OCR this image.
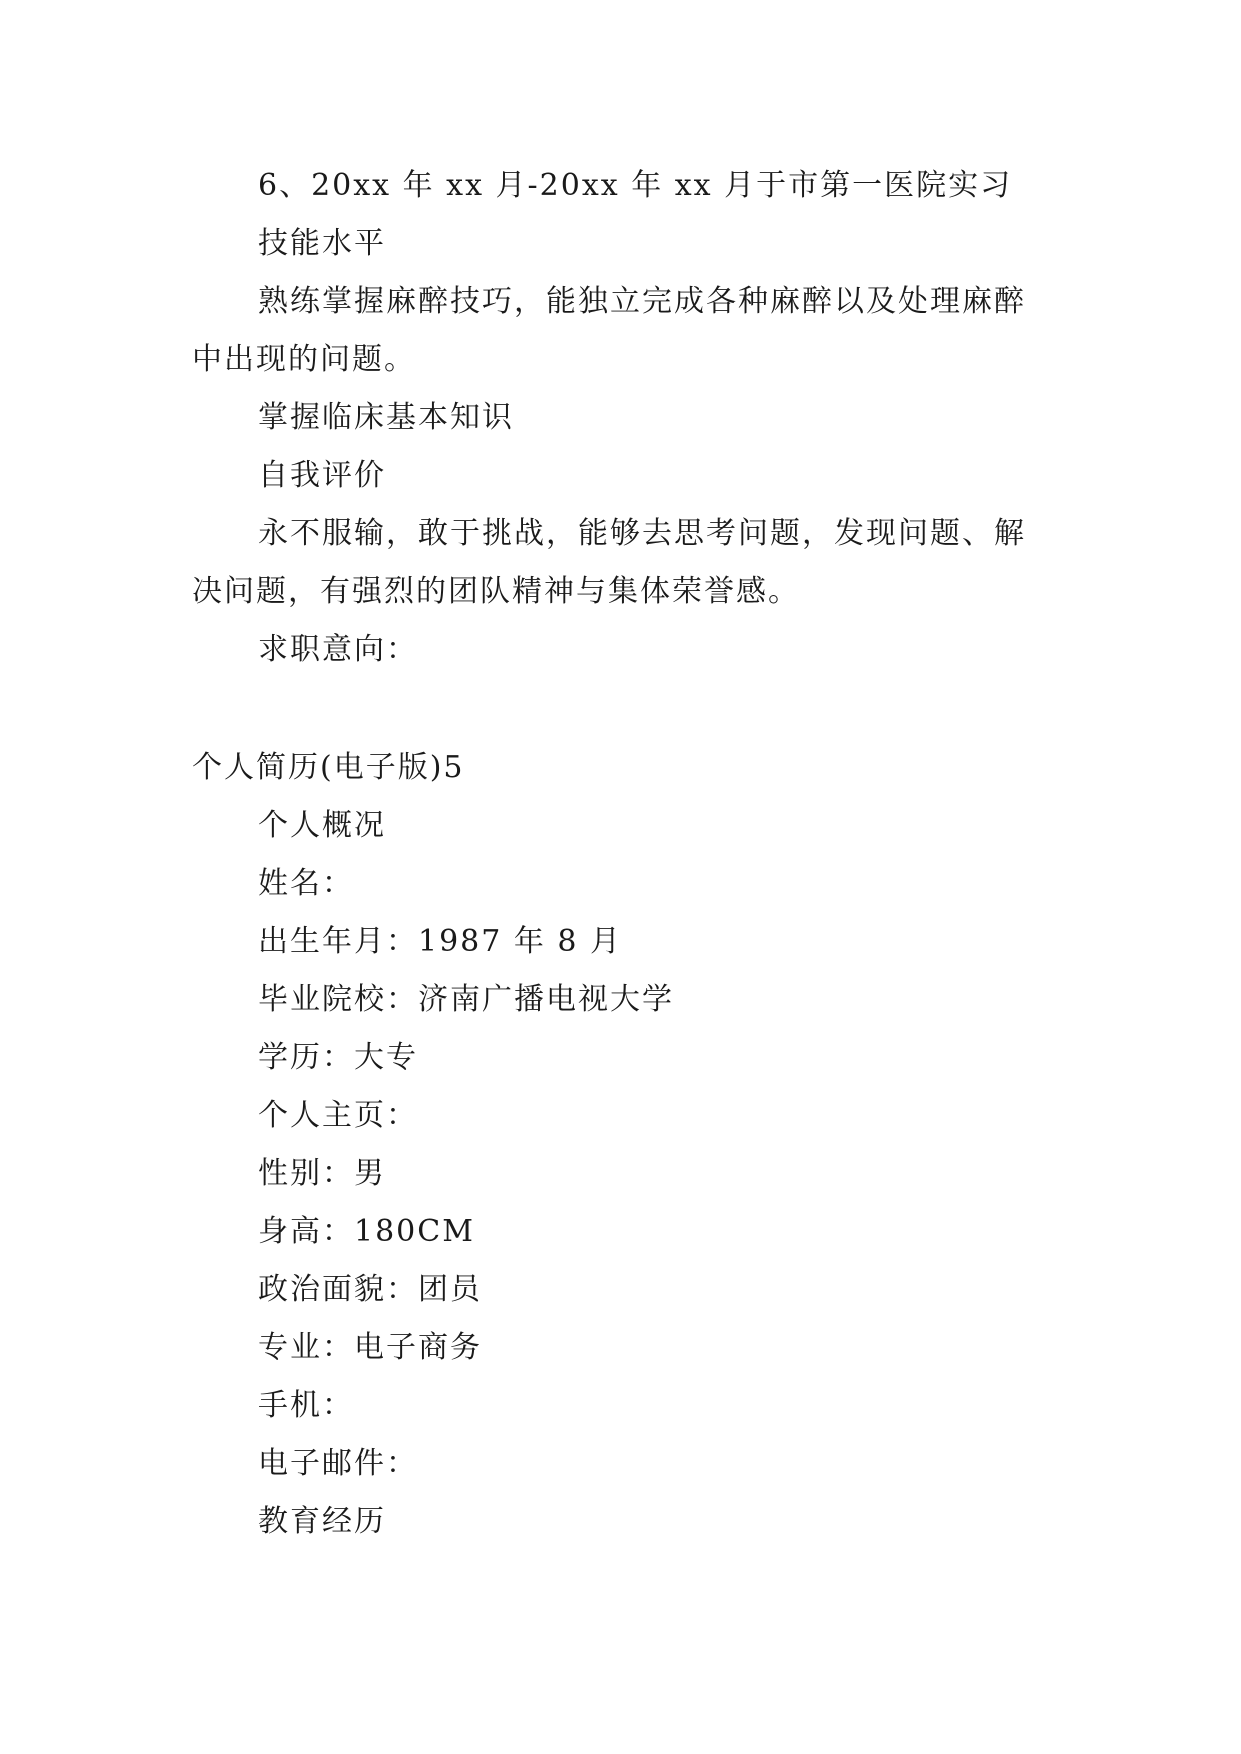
6、20xx 年 xx 月-20xx 年 xx 月于市第一医院实习
技能水平
熟练掌握麻醉技巧，能独立完成各种麻醉以及处理麻醉
中出现的问题。
掌握临床基本知识
自我评价
永不服输，敢于挑战，能够去思考问题，发现问题、解
决问题，有强烈的团队精神与集体荣誉感。
求职意向：
个人简历(电子版)5
个人概况
姓名：
出生年月：1987 年 8 月
毕业院校：济南广播电视大学
学历：大专
个人主页：
性别：男
身高：180CM
政治面貌：团员
专业：电子商务
手机：
电子邮件：
教育经历
